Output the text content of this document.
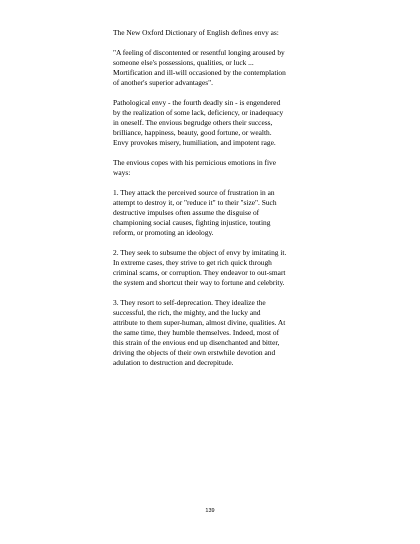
The New Oxford Dictionary of English defines envy as:

"A feeling of discontented or resentful longing aroused by
someone else's possessions, qualities, or luck ...
Mortification and ill-will occasioned by the contemplation
of another's superior advantages".

Pathological envy - the fourth deadly sin - is engendered
by the realization of some lack, deficiency, or inadequacy
in oneself. The envious begrudge others their success,
brilliance, happiness, beauty, good fortune, or wealth.
Envy provokes misery, humiliation, and impotent rage.

The envious copes with his pernicious emotions in five
ways:

1. They attack the perceived source of frustration in an
attempt to destroy it, or "reduce it" to their "size". Such
destructive impulses often assume the disguise of
championing social causes, fighting injustice, touting
reform, or promoting an ideology.

2. They seek to subsume the object of envy by imitating it.
In extreme cases, they strive to get rich quick through
criminal scams, or corruption. They endeavor to out-smart
the system and shortcut their way to fortune and celebrity.

3. They resort to self-deprecation. They idealize the
successful, the rich, the mighty, and the lucky and
attribute to them super-human, almost divine, qualities. At
the same time, they humble themselves. Indeed, most of
this strain of the envious end up disenchanted and bitter,
driving the objects of their own erstwhile devotion and
adulation to destruction and decrepitude.

139
